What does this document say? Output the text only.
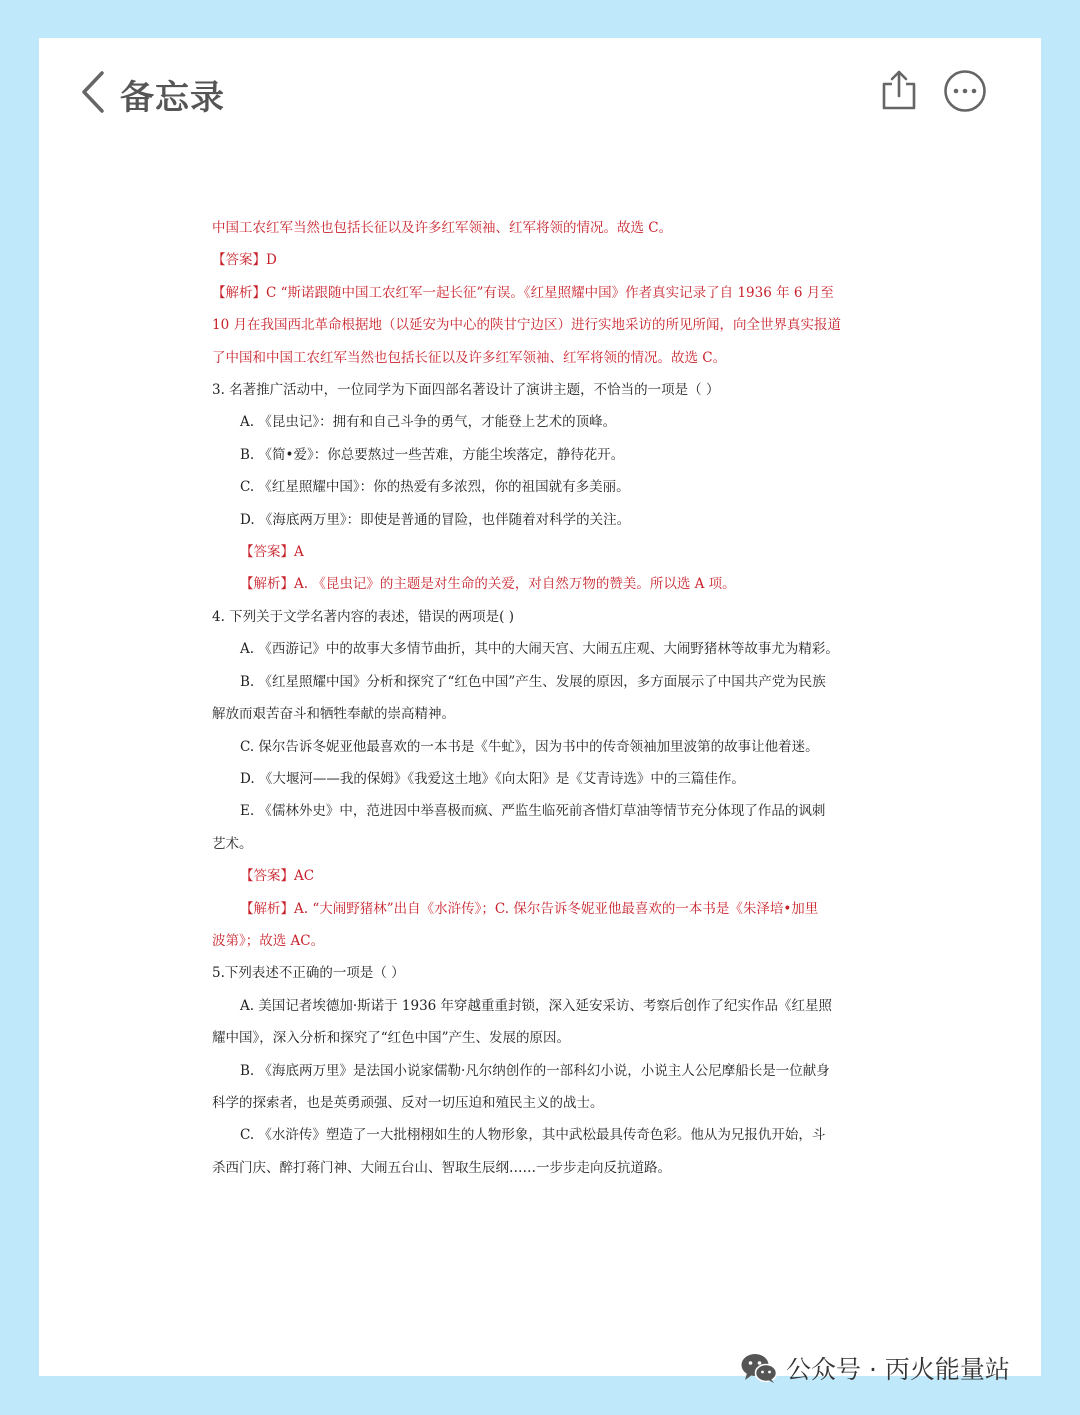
备忘录

中国工农红军当然也包括长征以及许多红军领袖、红军将领的情况。故选 C。

【答案】D

【解析】C “斯诺跟随中国工农红军一起长征”有误。《红星照耀中国》作者真实记录了自 1936 年 6 月至

10 月在我国西北革命根据地（以延安为中心的陕甘宁边区）进行实地采访的所见所闻，向全世界真实报道

了中国和中国工农红军当然也包括长征以及许多红军领袖、红军将领的情况。故选 C。

3. 名著推广活动中，一位同学为下面四部名著设计了演讲主题，不恰当的一项是（ ）

A. 《昆虫记》：拥有和自己斗争的勇气，才能登上艺术的顶峰。

B. 《简•爱》：你总要熬过一些苦难，方能尘埃落定，静待花开。

C. 《红星照耀中国》：你的热爱有多浓烈，你的祖国就有多美丽。

D. 《海底两万里》：即使是普通的冒险，也伴随着对科学的关注。

【答案】A

【解析】A. 《昆虫记》的主题是对生命的关爱，对自然万物的赞美。所以选 A 项。

4. 下列关于文学名著内容的表述，错误的两项是( )

A. 《西游记》中的故事大多情节曲折，其中的大闹天宫、大闹五庄观、大闹野猪林等故事尤为精彩。

B. 《红星照耀中国》分析和探究了“红色中国”产生、发展的原因，多方面展示了中国共产党为民族

解放而艰苦奋斗和牺牲奉献的崇高精神。

C. 保尔告诉冬妮亚他最喜欢的一本书是《牛虻》，因为书中的传奇领袖加里波第的故事让他着迷。

D. 《大堰河——我的保姆》《我爱这土地》《向太阳》是《艾青诗选》中的三篇佳作。

E. 《儒林外史》中，范进因中举喜极而疯、严监生临死前吝惜灯草油等情节充分体现了作品的讽刺

艺术。

【答案】AC

【解析】A. “大闹野猪林”出自《水浒传》；C. 保尔告诉冬妮亚他最喜欢的一本书是《朱泽培•加里

波第》；故选 AC。

5.下列表述不正确的一项是（ ）

A. 美国记者埃德加·斯诺于 1936 年穿越重重封锁，深入延安采访、考察后创作了纪实作品《红星照

耀中国》，深入分析和探究了“红色中国”产生、发展的原因。

B. 《海底两万里》是法国小说家儒勒·凡尔纳创作的一部科幻小说，小说主人公尼摩船长是一位献身

科学的探索者，也是英勇顽强、反对一切压迫和殖民主义的战士。

C. 《水浒传》塑造了一大批栩栩如生的人物形象，其中武松最具传奇色彩。他从为兄报仇开始，斗

杀西门庆、醉打蒋门神、大闹五台山、智取生辰纲……一步步走向反抗道路。

公众号 · 丙火能量站
